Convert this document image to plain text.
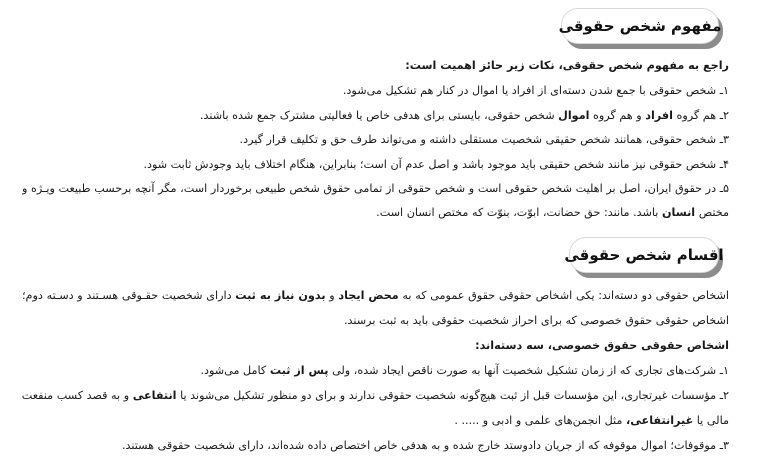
مفهوم شخص حقوقی
راجع به مفهوم شخص حقوقی، نکات زیر حائز اهمیت است:
۱ـ شخص حقوقی با جمع شدن دسته‌ای از افراد یا اموال در کنار هم تشکیل می‌شود.
۲ـ هم گروه افراد و هم گروه اموال شخص حقوقی، بایستی برای هدفی خاص یا فعالیتی مشترک جمع شده باشند.
۳ـ شخص حقوقی، همانند شخص حقیقی شخصیت مستقلی داشته و می‌تواند طرف حق و تکلیف قرار گیرد.
۴ـ شخص حقوقی نیز مانند شخص حقیقی باید موجود باشد و اصل عدم آن است؛ بنابراین، هنگام اختلاف باید وجودش ثابت شود.
۵ـ در حقوق ایران، اصل بر اهلیت شخص حقوقی است و شخص حقوقی از تمامی حقوق شخص طبیعی برخوردار است، مگر آنچه برحسب طبیعت ویـژه و
مختص انسان باشد. مانند: حق حضانت، ابوّت، بنوّت که مختص انسان است.
اقسام شخص حقوقی
اشخاص حقوقی دو دسته‌اند: یکی اشخاص حقوقی حقوق عمومی که به محض ایجاد و بدون نیاز به ثبت دارای شخصیت حقـوقی هسـتند و دسـته دوم؛
اشخاص حقوقی حقوق خصوصی که برای احراز شخصیت حقوقی باید به ثبت برسند.
اشخاص حقوقی حقوق خصوصی، سه دسته‌اند:
۱ـ شرکت‌های تجاری که از زمان تشکیل شخصیت آنها به صورت ناقص ایجاد شده، ولی پس از ثبت کامل می‌شود.
۲ـ مؤسسات غیرتجاری، این مؤسسات قبل از ثبت هیچ‌گونه شخصیت حقوقی ندارند و برای دو منظور تشکیل می‌شوند یا انتفاعی و به قصد کسب منفعت
مالی یا غیرانتفاعی، مثل انجمن‌های علمی و ادبی و ..... .
۳ـ موقوفات؛ اموال موقوفه که از جریان دادوستد خارج شده و به هدفی خاص اختصاص داده شده‌اند، دارای شخصیت حقوقی هستند.
